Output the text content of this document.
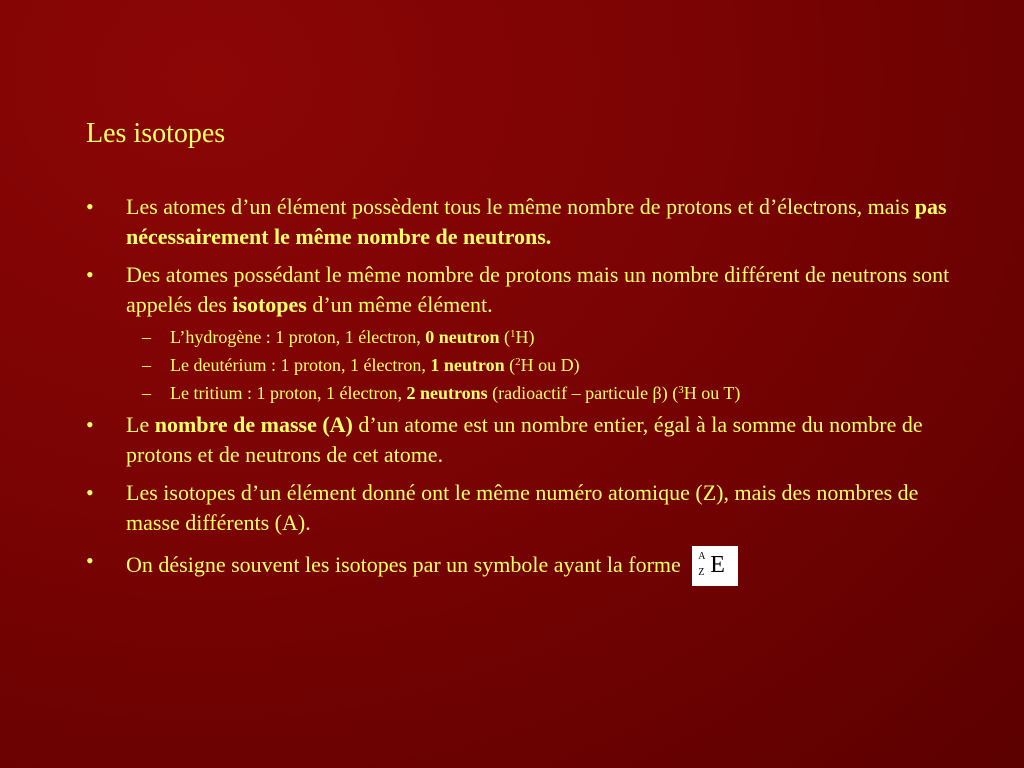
Les isotopes
•	Les atomes d’un élément possèdent tous le même nombre de protons et d’électrons, mais pas nécessairement le même nombre de neutrons.
•	Des atomes possédant le même nombre de protons mais un nombre différent de neutrons sont appelés des isotopes d’un même élément.
–	L’hydrogène : 1 proton, 1 électron, 0 neutron ($^1$H)
–	Le deutérium : 1 proton, 1 électron, 1 neutron ($^2$H ou D)
–	Le tritium : 1 proton, 1 électron, 2 neutrons (radioactif – particule β) ($^3$H ou T)
•	Le nombre de masse (A) d’un atome est un nombre entier, égal à la somme du nombre de protons et de neutrons de cet atome.
•	Les isotopes d’un élément donné ont le même numéro atomique (Z), mais des nombres de masse différents (A).
•	On désigne souvent les isotopes par un symbole ayant la forme A
Z E
